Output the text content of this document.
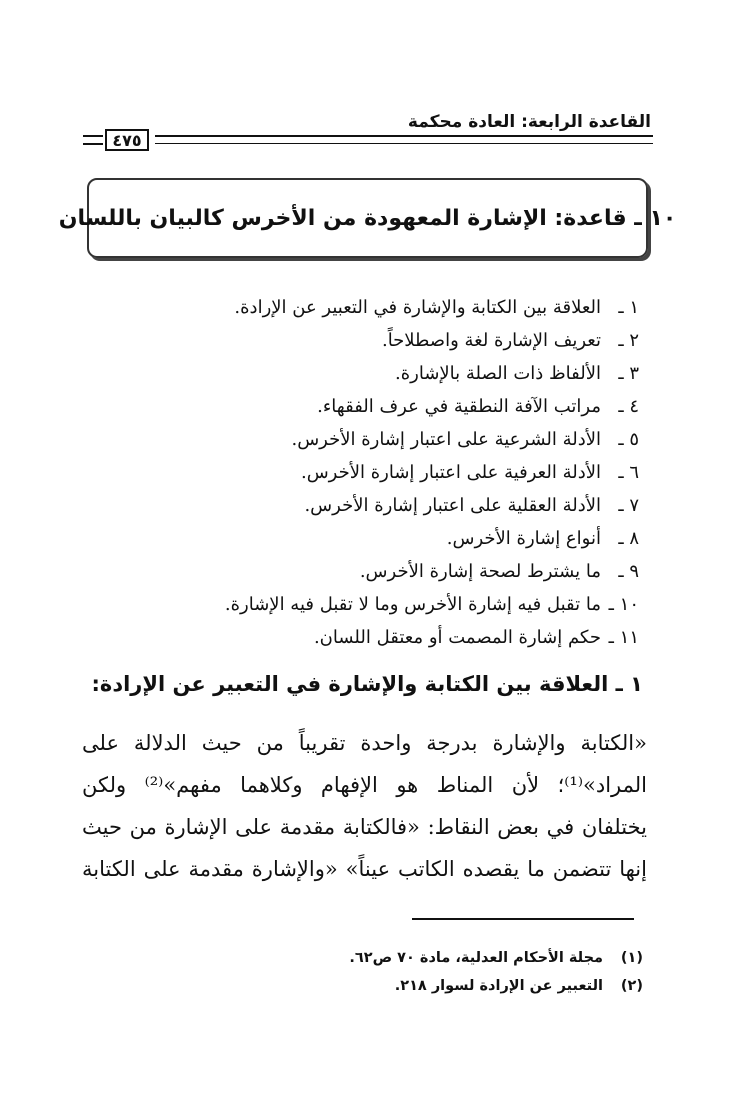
القاعدة الرابعة: العادة محكمة
٤٧٥
١٠ ـ قاعدة: الإشارة المعهودة من الأخرس كالبيان باللسان
١ ـالعلاقة بين الكتابة والإشارة في التعبير عن الإرادة.
٢ ـتعريف الإشارة لغة واصطلاحاً.
٣ ـالألفاظ ذات الصلة بالإشارة.
٤ ـمراتب الآفة النطقية في عرف الفقهاء.
٥ ـالأدلة الشرعية على اعتبار إشارة الأخرس.
٦ ـالأدلة العرفية على اعتبار إشارة الأخرس.
٧ ـالأدلة العقلية على اعتبار إشارة الأخرس.
٨ ـأنواع إشارة الأخرس.
٩ ـما يشترط لصحة إشارة الأخرس.
١٠ ـما تقبل فيه إشارة الأخرس وما لا تقبل فيه الإشارة.
١١ ـحكم إشارة المصمت أو معتقل اللسان.
١ ـ العلاقة بين الكتابة والإشارة في التعبير عن الإرادة:

«الكتابة والإشارة بدرجة واحدة تقريباً من حيث الدلالة على
المراد»⁽¹⁾؛ لأن المناط هو الإفهام وكلاهما مفهم»⁽²⁾ ولكن
يختلفان في بعض النقاط: «فالكتابة مقدمة على الإشارة من حيث
إنها تتضمن ما يقصده الكاتب عيناً» «والإشارة مقدمة على الكتابة

(١)مجلة الأحكام العدلية، مادة ٧٠ ص٦٢.
(٢)التعبير عن الإرادة لسوار ٢١٨.
